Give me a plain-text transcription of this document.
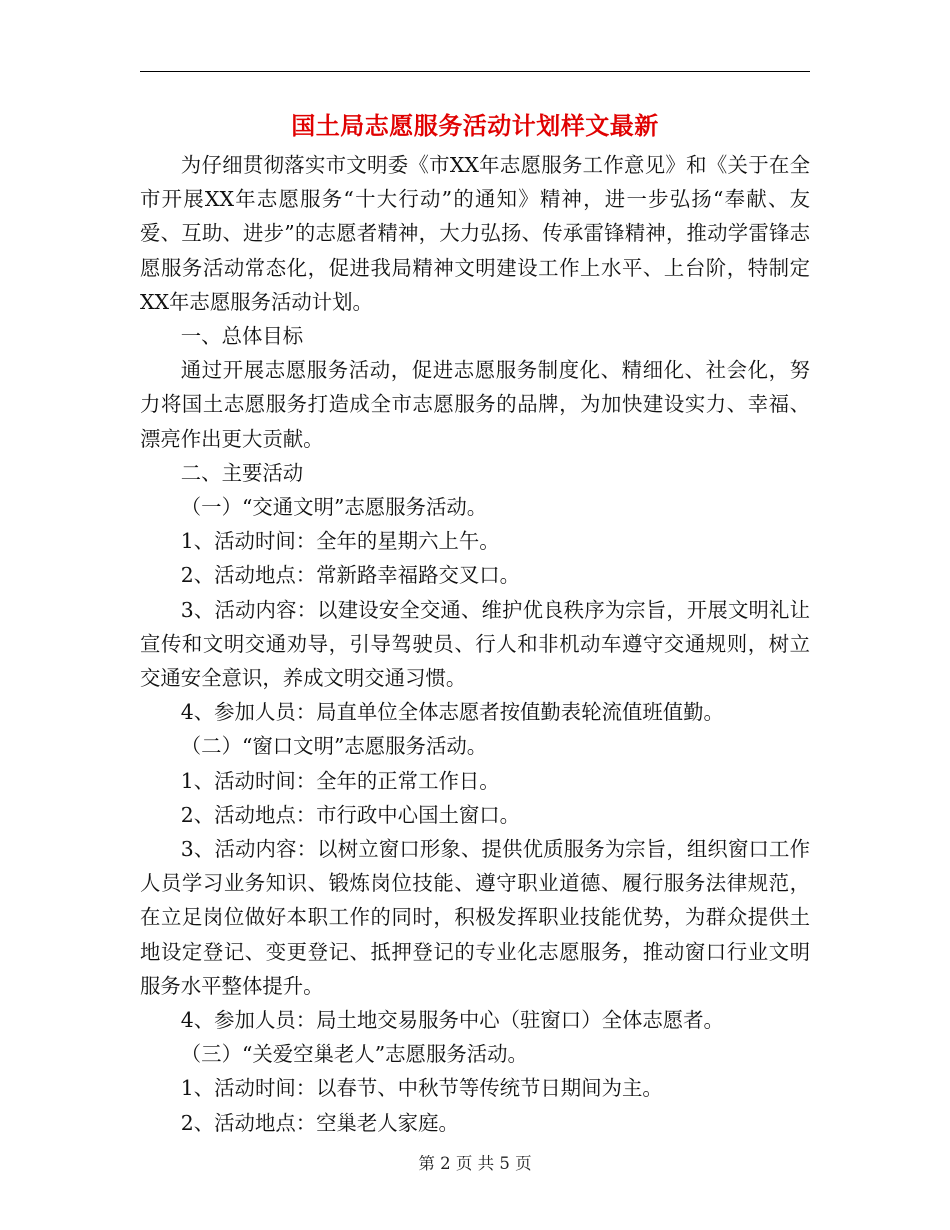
国土局志愿服务活动计划样文最新

为仔细贯彻落实市文明委《市XX年志愿服务工作意见》和《关于在全市开展XX年志愿服务“十大行动”的通知》精神，进一步弘扬“奉献、友爱、互助、进步”的志愿者精神，大力弘扬、传承雷锋精神，推动学雷锋志愿服务活动常态化，促进我局精神文明建设工作上水平、上台阶，特制定XX年志愿服务活动计划。

一、总体目标

通过开展志愿服务活动，促进志愿服务制度化、精细化、社会化，努力将国土志愿服务打造成全市志愿服务的品牌，为加快建设实力、幸福、漂亮作出更大贡献。

二、主要活动

（一）“交通文明”志愿服务活动。

1、活动时间：全年的星期六上午。

2、活动地点：常新路幸福路交叉口。

3、活动内容：以建设安全交通、维护优良秩序为宗旨，开展文明礼让宣传和文明交通劝导，引导驾驶员、行人和非机动车遵守交通规则，树立交通安全意识，养成文明交通习惯。

4、参加人员：局直单位全体志愿者按值勤表轮流值班值勤。

（二）“窗口文明”志愿服务活动。

1、活动时间：全年的正常工作日。

2、活动地点：市行政中心国土窗口。

3、活动内容：以树立窗口形象、提供优质服务为宗旨，组织窗口工作人员学习业务知识、锻炼岗位技能、遵守职业道德、履行服务法律规范，在立足岗位做好本职工作的同时，积极发挥职业技能优势，为群众提供土地设定登记、变更登记、抵押登记的专业化志愿服务，推动窗口行业文明服务水平整体提升。

4、参加人员：局土地交易服务中心（驻窗口）全体志愿者。

（三）“关爱空巢老人”志愿服务活动。

1、活动时间：以春节、中秋节等传统节日期间为主。

2、活动地点：空巢老人家庭。

第 2 页 共 5 页
